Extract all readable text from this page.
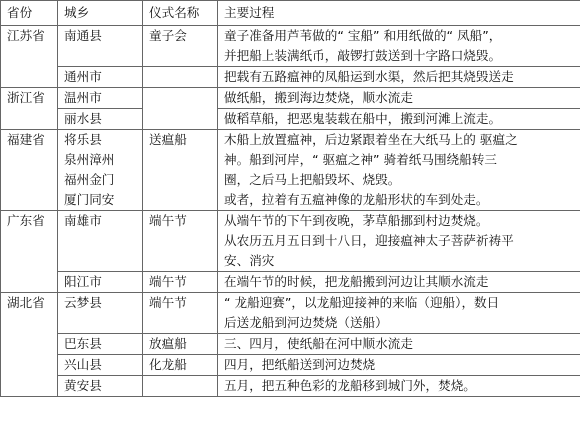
省份	城乡	仪式名称	主要过程
江苏省	南通县	童子会	童子准备用芦苇做的“ 宝船” 和用纸做的“ 凤船”，
并把船上装满纸币，敲锣打鼓送到十字路口烧毁。

	通州市		把载有五路瘟神的凤船运到水渠，然后把其烧毁送走

浙江省	温州市		做纸船，搬到海边焚烧，顺水流走

	丽水县		做稻草船，把恶鬼装载在船中，搬到河滩上流走。

福建省	将乐县
泉州漳州
福州金门
厦门同安	送瘟船	木船上放置瘟神，后边紧跟着坐在大纸马上的 驱瘟之
神。船到河岸，“ 驱瘟之神” 骑着纸马围绕船转三
圈，之后马上把船毁坏、烧毁。
或者，拉着有五瘟神像的龙船形状的车到处走。

广东省	南雄市	端午节	从端午节的下午到夜晚，茅草船挪到村边焚烧。
从农历五月五日到十八日，迎接瘟神太子菩萨祈祷平
安、消灾

	阳江市	端午节	在端午节的时候，把龙船搬到河边让其顺水流走

湖北省	云梦县	端午节	“ 龙船迎赛”，以龙船迎接神的来临（迎船），数日
后送龙船到河边焚烧（送船）

	巴东县	放瘟船	三、四月，使纸船在河中顺水流走

	兴山县	化龙船	四月，把纸船送到河边焚烧

	黄安县		五月，把五种色彩的龙船移到城门外，焚烧。
